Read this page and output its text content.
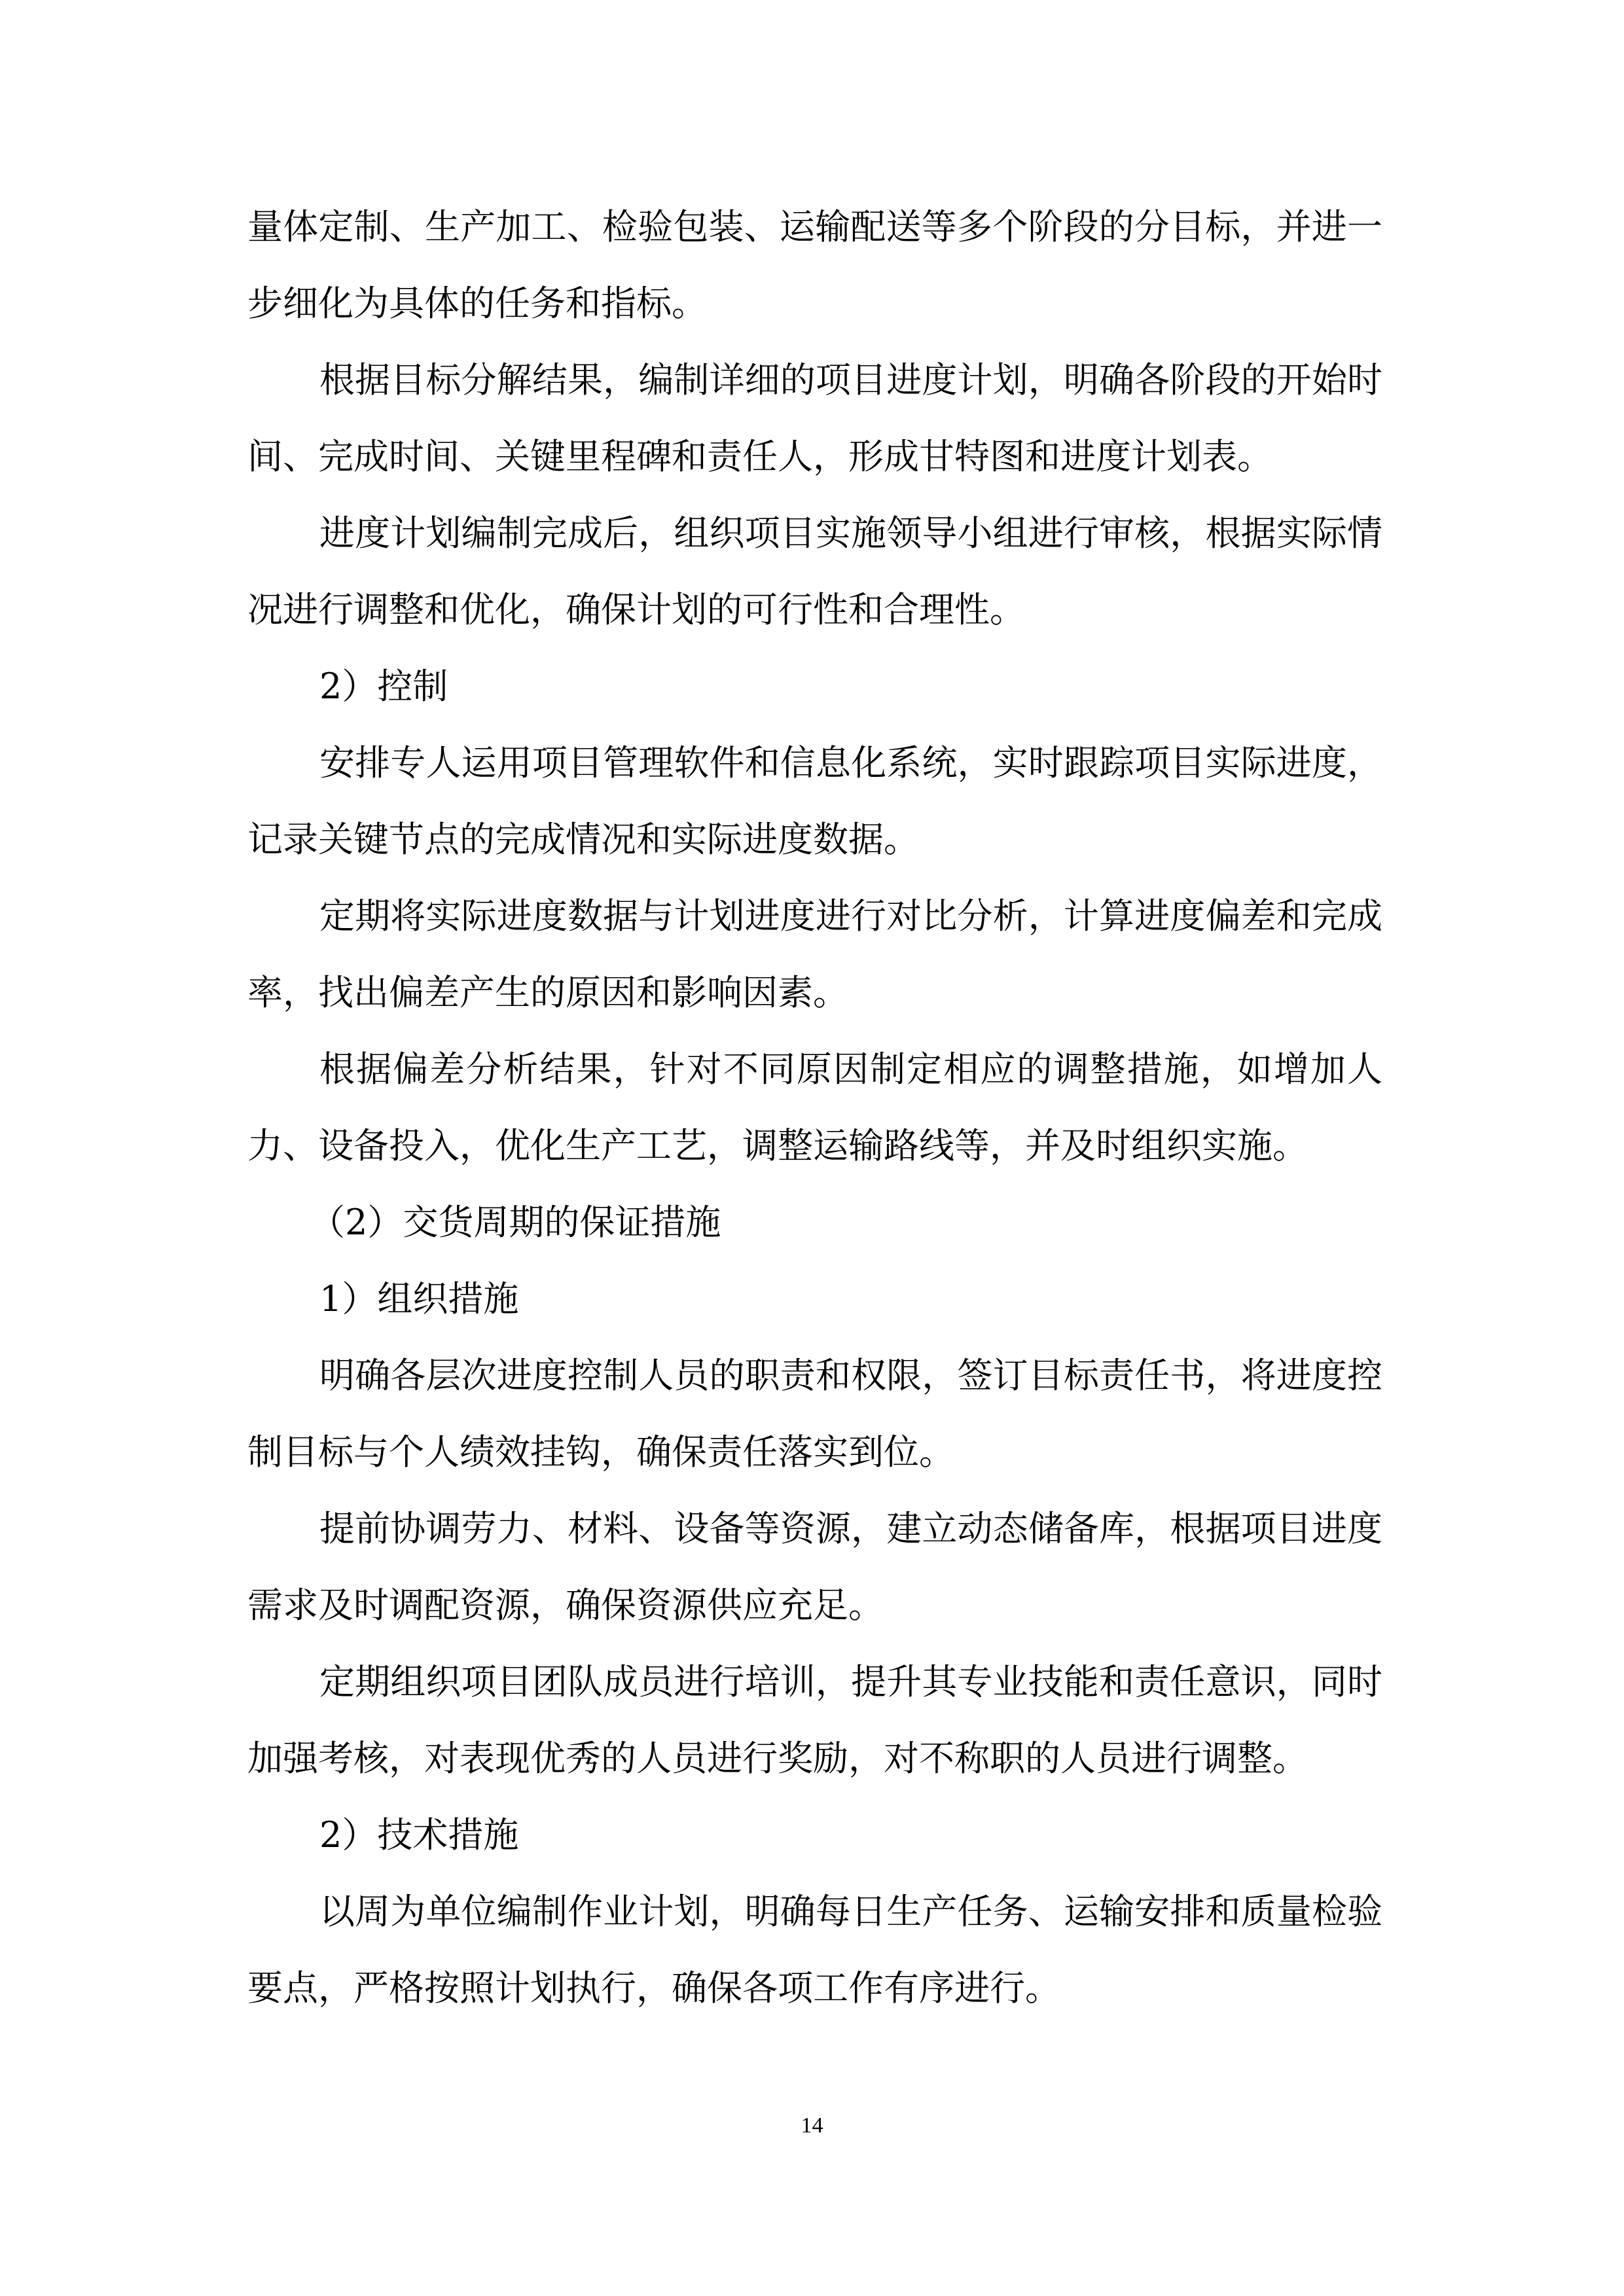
量体定制、生产加工、检验包装、运输配送等多个阶段的分目标，并进一步细化为具体的任务和指标。

根据目标分解结果，编制详细的项目进度计划，明确各阶段的开始时间、完成时间、关键里程碑和责任人，形成甘特图和进度计划表。

进度计划编制完成后，组织项目实施领导小组进行审核，根据实际情况进行调整和优化，确保计划的可行性和合理性。

2）控制

安排专人运用项目管理软件和信息化系统，实时跟踪项目实际进度，记录关键节点的完成情况和实际进度数据。

定期将实际进度数据与计划进度进行对比分析，计算进度偏差和完成率，找出偏差产生的原因和影响因素。

根据偏差分析结果，针对不同原因制定相应的调整措施，如增加人力、设备投入，优化生产工艺，调整运输路线等，并及时组织实施。

（2）交货周期的保证措施

1）组织措施

明确各层次进度控制人员的职责和权限，签订目标责任书，将进度控制目标与个人绩效挂钩，确保责任落实到位。

提前协调劳力、材料、设备等资源，建立动态储备库，根据项目进度需求及时调配资源，确保资源供应充足。

定期组织项目团队成员进行培训，提升其专业技能和责任意识，同时加强考核，对表现优秀的人员进行奖励，对不称职的人员进行调整。

2）技术措施

以周为单位编制作业计划，明确每日生产任务、运输安排和质量检验要点，严格按照计划执行，确保各项工作有序进行。

14
